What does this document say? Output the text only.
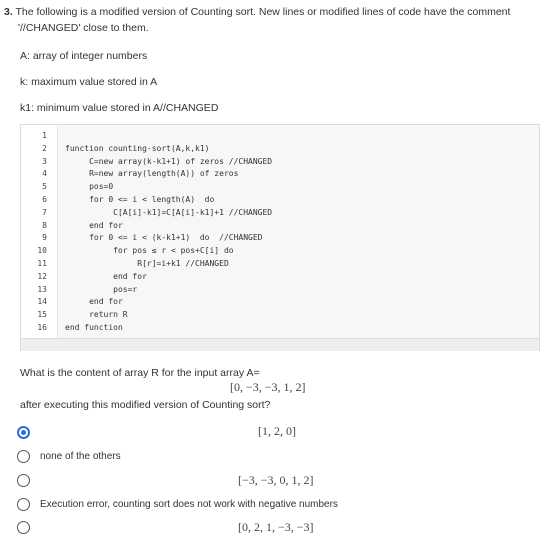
3. The following is a modified version of Counting sort. New lines or modified lines of code have the comment
'//CHANGED' close to them.
A: array of integer numbers
k: maximum value stored in A
k1: minimum value stored in A//CHANGED
1
2 function counting-sort(A,k,k1)
3 C=new array(k-k1+1) of zeros //CHANGED
4 R=new array(length(A)) of zeros
5 pos=0
6 for 0 <= i < length(A)  do
7 C[A[i]-k1]=C[A[i]-k1]+1 //CHANGED
8 end for
9 for 0 <= i < (k-k1+1)  do  //CHANGED
10 for pos ≤ r < pos+C[i] do
11 R[r]=i+k1 //CHANGED
12 end for
13 pos=r
14 end for
15 return R
16 end function
What is the content of array R for the input array A=
[0, −3, −3, 1, 2]
after executing this modified version of Counting sort?
[1, 2, 0]
none of the others
[−3, −3, 0, 1, 2]
Execution error, counting sort does not work with negative numbers
[0, 2, 1, −3, −3]
